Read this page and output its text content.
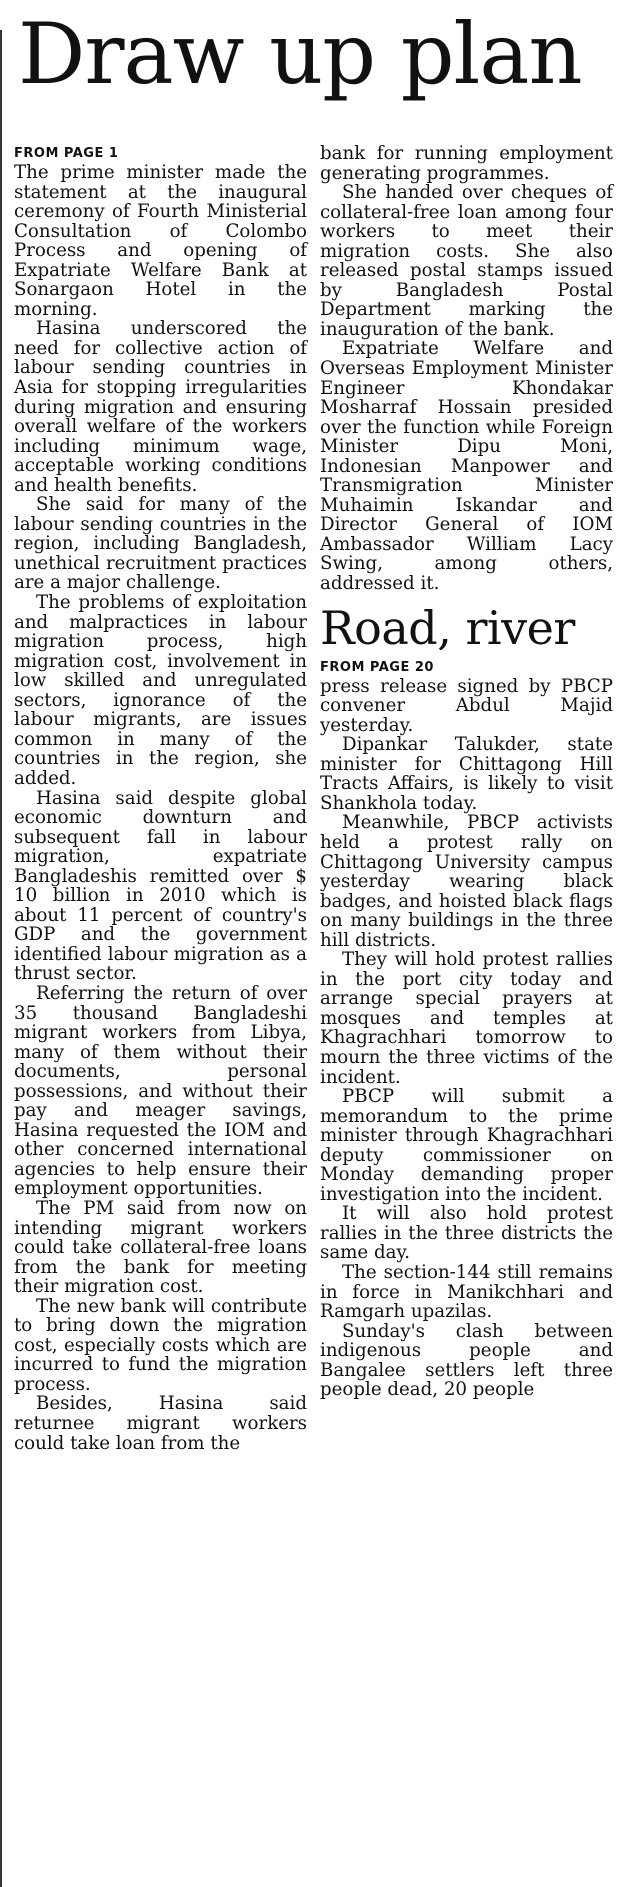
Draw up plan
FROM PAGE 1

The prime minister made the statement at the inaugural ceremony of Fourth Ministerial Consultation of Colombo Process and opening of Expatriate Welfare Bank at Sonargaon Hotel in the morning.

Hasina underscored the need for collective action of labour sending countries in Asia for stopping irregularities during migration and ensuring overall welfare of the workers including minimum wage, acceptable working conditions and health benefits.

She said for many of the labour sending countries in the region, including Bangladesh, unethical recruitment practices are a major challenge.

The problems of exploitation and malpractices in labour migration process, high migration cost, involvement in low skilled and unregulated sectors, ignorance of the labour migrants, are issues common in many of the countries in the region, she added.

Hasina said despite global economic downturn and subsequent fall in labour migration, expatriate Bangladeshis remitted over $ 10 billion in 2010 which is about 11 percent of country's GDP and the government identified labour migration as a thrust sector.

Referring the return of over 35 thousand Bangladeshi migrant workers from Libya, many of them without their documents, personal possessions, and without their pay and meager savings, Hasina requested the IOM and other concerned international agencies to help ensure their employment opportunities.

The PM said from now on intending migrant workers could take collateral-free loans from the bank for meeting their migration cost.

The new bank will contribute to bring down the migration cost, especially costs which are incurred to fund the migration process.

Besides, Hasina said returnee migrant workers could take loan from the

bank for running employment generating programmes.

She handed over cheques of collateral-free loan among four workers to meet their migration costs. She also released postal stamps issued by Bangladesh Postal Department marking the inauguration of the bank.

Expatriate Welfare and Overseas Employment Minister Engineer Khondakar Mosharraf Hossain presided over the function while Foreign Minister Dipu Moni, Indonesian Manpower and Transmigration Minister Muhaimin Iskandar and Director General of IOM Ambassador William Lacy Swing, among others, addressed it.

Road, river
FROM PAGE 20

press release signed by PBCP convener Abdul Majid yesterday.

Dipankar Talukder, state minister for Chittagong Hill Tracts Affairs, is likely to visit Shankhola today.

Meanwhile, PBCP activists held a protest rally on Chittagong University campus yesterday wearing black badges, and hoisted black flags on many buildings in the three hill districts.

They will hold protest rallies in the port city today and arrange special prayers at mosques and temples at Khagrachhari tomorrow to mourn the three victims of the incident.

PBCP will submit a memorandum to the prime minister through Khagrachhari deputy commissioner on Monday demanding proper investigation into the incident.

It will also hold protest rallies in the three districts the same day.

The section-144 still remains in force in Manikchhari and Ramgarh upazilas.

Sunday's clash between indigenous people and Bangalee settlers left three people dead, 20 people
